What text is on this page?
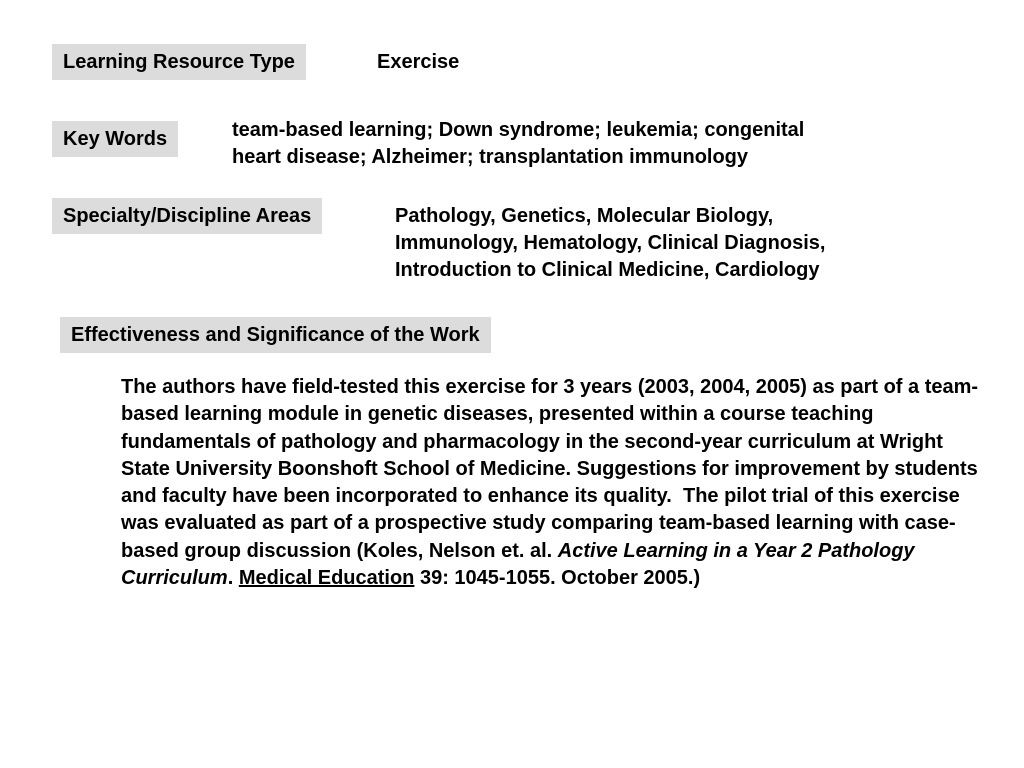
Learning Resource Type	Exercise
Key Words	team-based learning; Down syndrome; leukemia; congenital
heart disease; Alzheimer; transplantation immunology
Specialty/Discipline Areas	Pathology, Genetics, Molecular Biology,
Immunology, Hematology, Clinical Diagnosis,
Introduction to Clinical Medicine, Cardiology
Effectiveness and Significance of the Work
The authors have field-tested this exercise for 3 years (2003, 2004, 2005) as part of a team-based learning module in genetic diseases, presented within a course teaching fundamentals of pathology and pharmacology in the second-year curriculum at Wright State University Boonshoft School of Medicine. Suggestions for improvement by students and faculty have been incorporated to enhance its quality.  The pilot trial of this exercise was evaluated as part of a prospective study comparing team-based learning with case-based group discussion (Koles, Nelson et. al. Active Learning in a Year 2 Pathology Curriculum. Medical Education 39: 1045-1055. October 2005.)
